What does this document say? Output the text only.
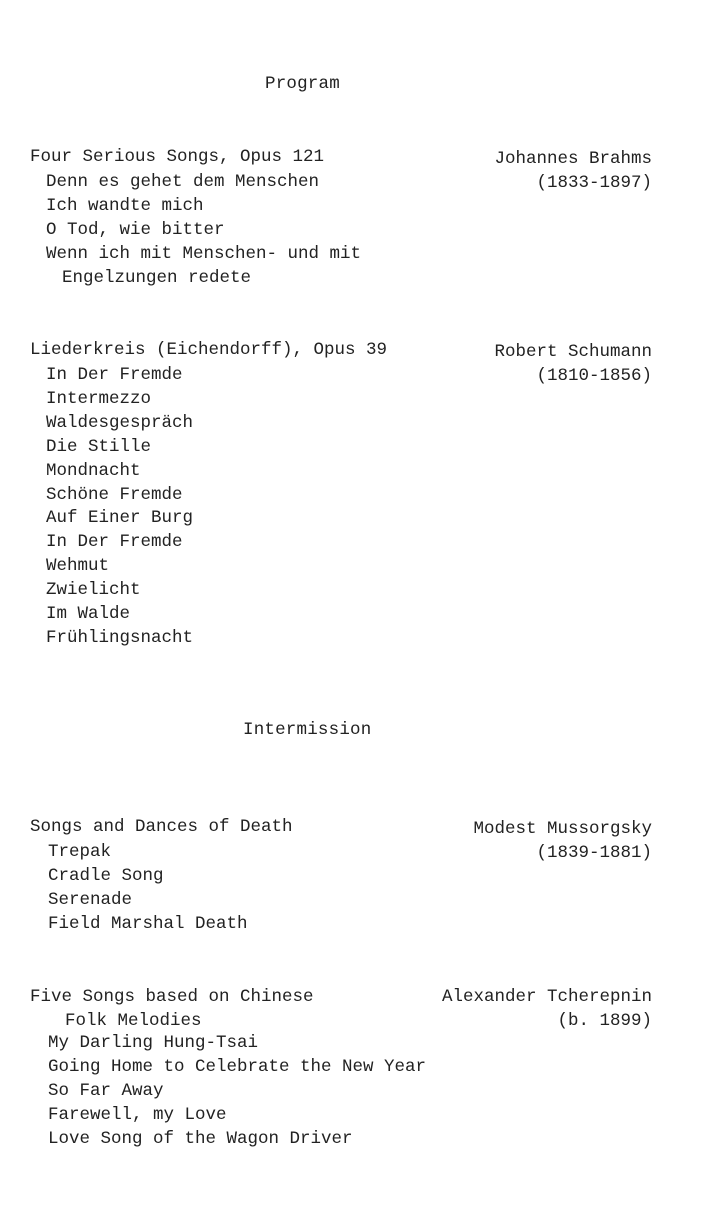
Program
Four Serious Songs, Opus 121	Johannes Brahms
(1833-1897)
Denn es gehet dem Menschen
Ich wandte mich
O Tod, wie bitter
Wenn ich mit Menschen- und mit
Engelzungen redete
Liederkreis (Eichendorff), Opus 39	Robert Schumann
(1810-1856)
In Der Fremde
Intermezzo
Waldesgespräch
Die Stille
Mondnacht
Schöne Fremde
Auf Einer Burg
In Der Fremde
Wehmut
Zwielicht
Im Walde
Frühlingsnacht
Intermission
Songs and Dances of Death	Modest Mussorgsky
(1839-1881)
Trepak
Cradle Song
Serenade
Field Marshal Death
Five Songs based on Chinese
Folk Melodies
Alexander Tcherepnin
(b. 1899)
My Darling Hung-Tsai
Going Home to Celebrate the New Year
So Far Away
Farewell, my Love
Love Song of the Wagon Driver
